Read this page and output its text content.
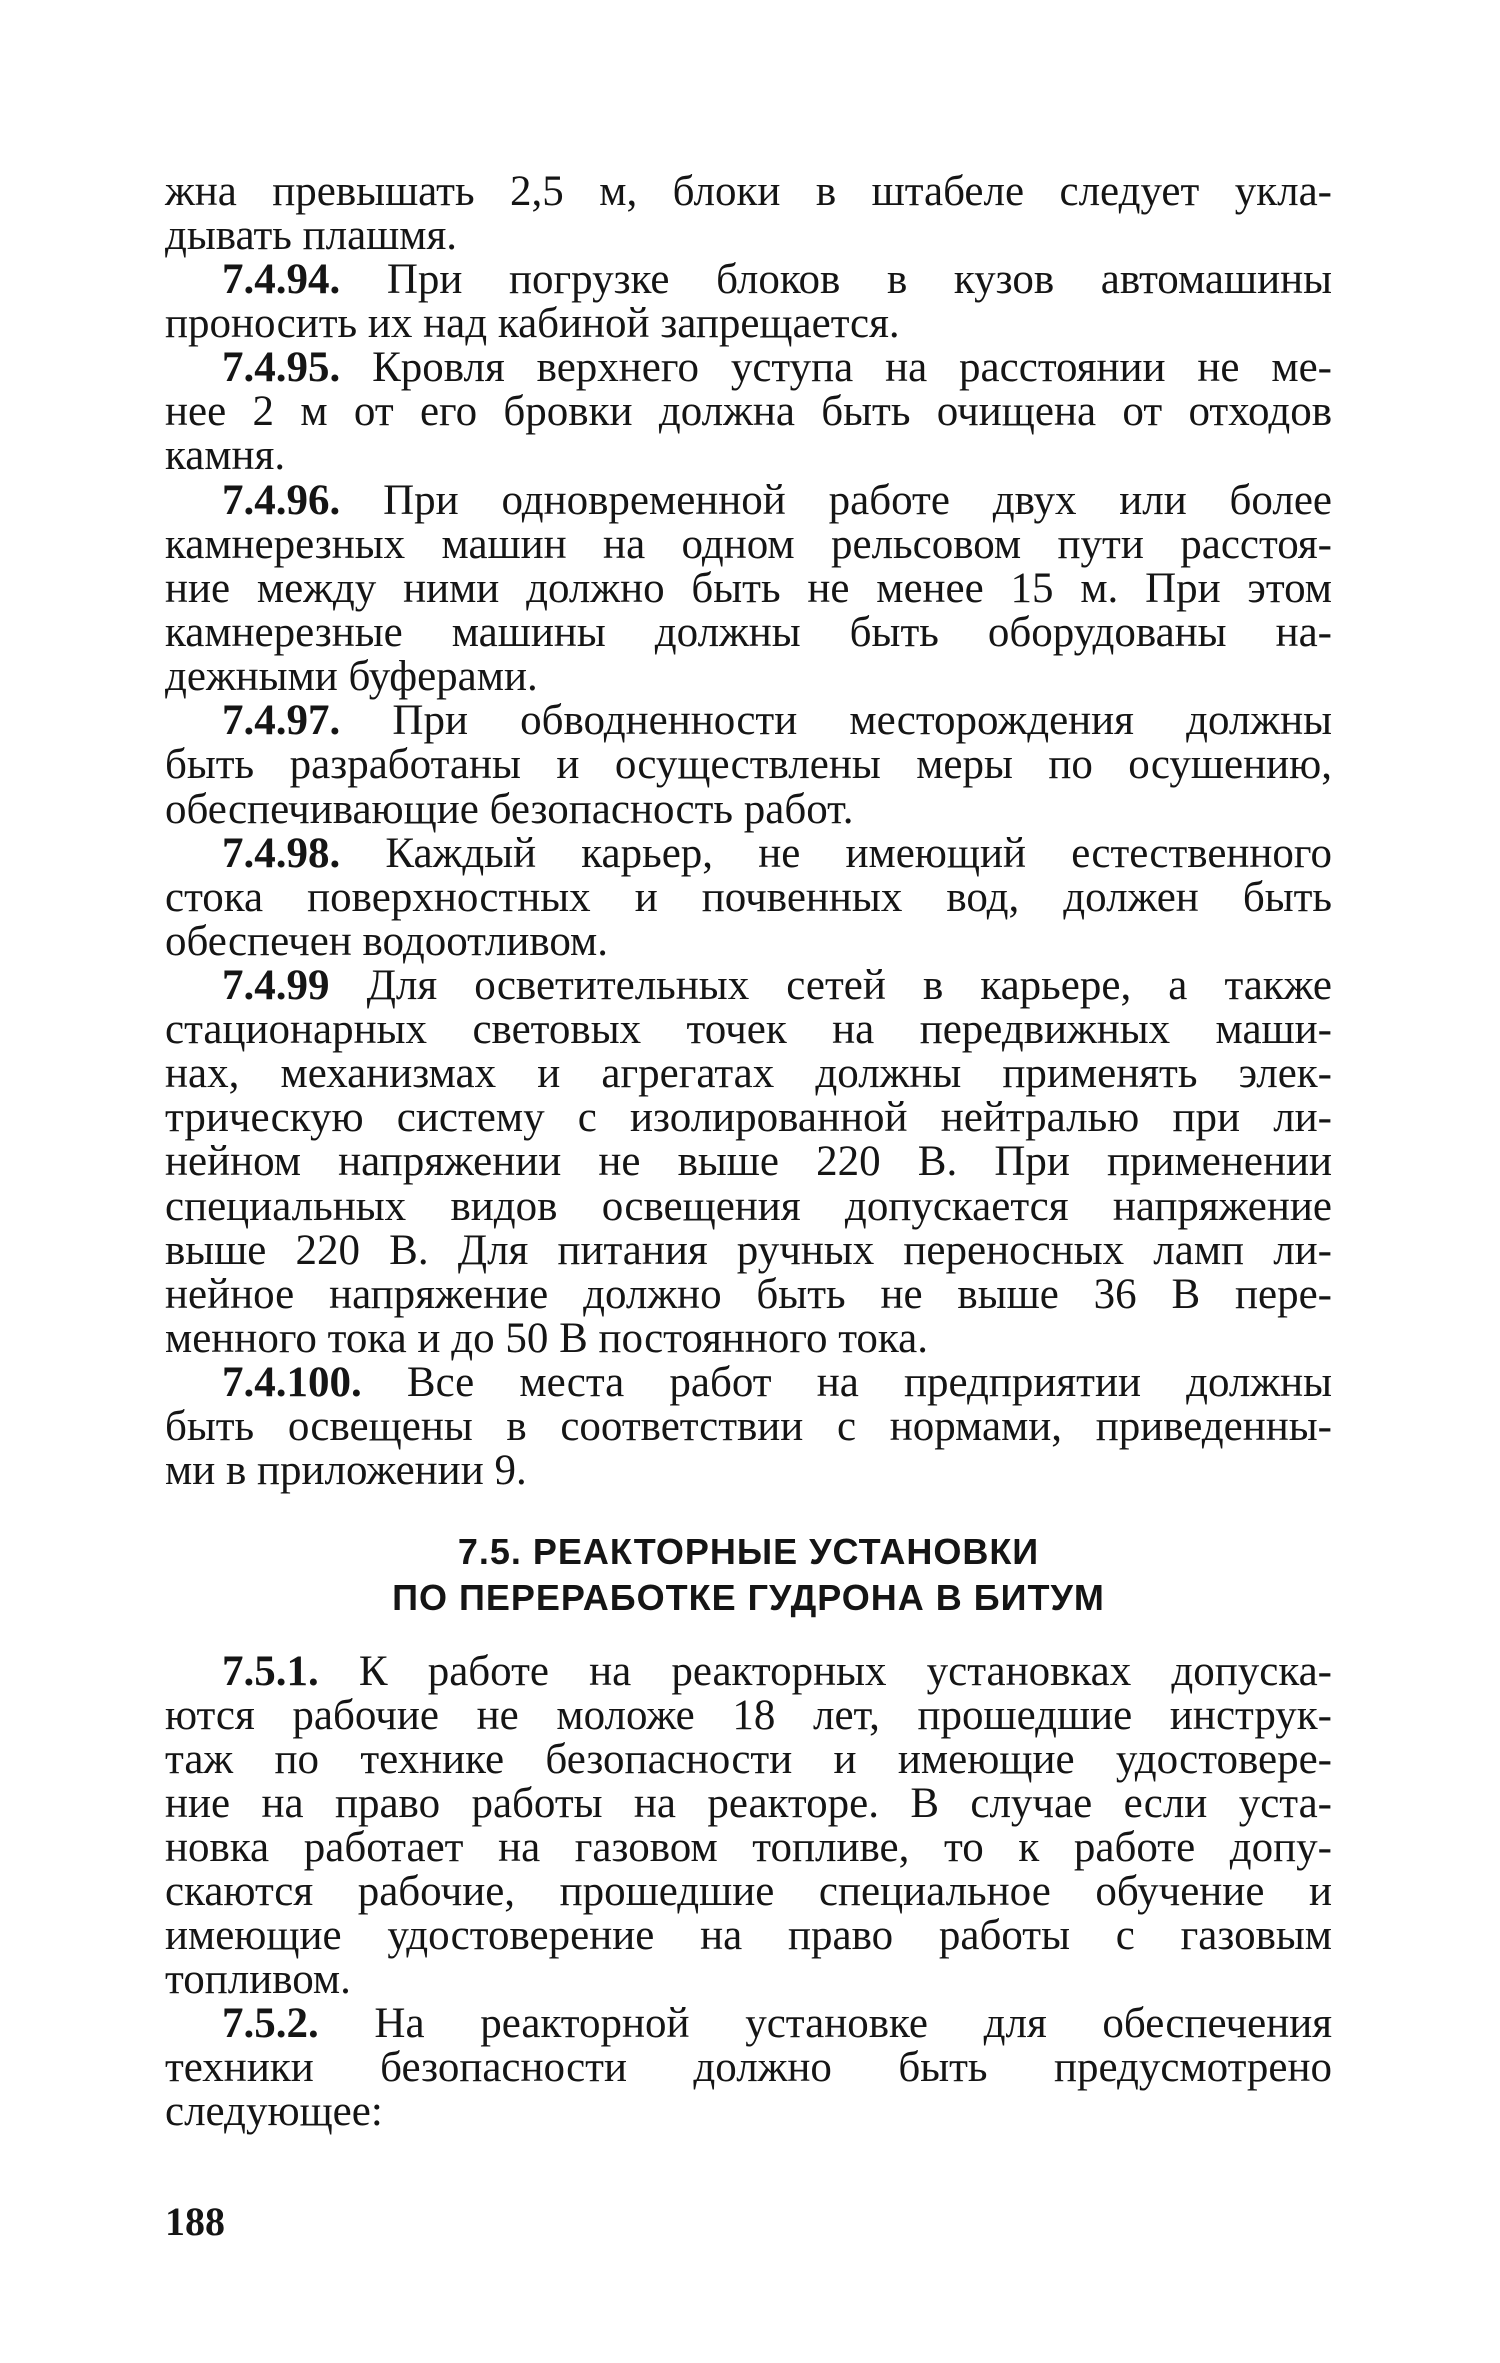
жна превышать 2,5 м, блоки в штабеле следует укла-
дывать плашмя.
7.4.94. При погрузке блоков в кузов автомашины
проносить их над кабиной запрещается.
7.4.95. Кровля верхнего уступа на расстоянии не ме-
нее 2 м от его бровки должна быть очищена от отходов
камня.
7.4.96. При одновременной работе двух или более
камнерезных машин на одном рельсовом пути расстоя-
ние между ними должно быть не менее 15 м. При этом
камнерезные машины должны быть оборудованы на-
дежными буферами.
7.4.97. При обводненности месторождения должны
быть разработаны и осуществлены меры по осушению,
обеспечивающие безопасность работ.
7.4.98. Каждый карьер, не имеющий естественного
стока поверхностных и почвенных вод, должен быть
обеспечен водоотливом.
7.4.99 Для осветительных сетей в карьере, а также
стационарных световых точек на передвижных маши-
нах, механизмах и агрегатах должны применять элек-
трическую систему с изолированной нейтралью при ли-
нейном напряжении не выше 220 В. При применении
специальных видов освещения допускается напряжение
выше 220 В. Для питания ручных переносных ламп ли-
нейное напряжение должно быть не выше 36 В пере-
менного тока и до 50 В постоянного тока.
7.4.100. Все места работ на предприятии должны
быть освещены в соответствии с нормами, приведенны-
ми в приложении 9.
7.5. РЕАКТОРНЫЕ УСТАНОВКИ
ПО ПЕРЕРАБОТКЕ ГУДРОНА В БИТУМ
7.5.1. К работе на реакторных установках допуска-
ются рабочие не моложе 18 лет, прошедшие инструк-
таж по технике безопасности и имеющие удостовере-
ние на право работы на реакторе. В случае если уста-
новка работает на газовом топливе, то к работе допу-
скаются рабочие, прошедшие специальное обучение и
имеющие удостоверение на право работы с газовым
топливом.
7.5.2. На реакторной установке для обеспечения
техники безопасности должно быть предусмотрено
следующее:
188
